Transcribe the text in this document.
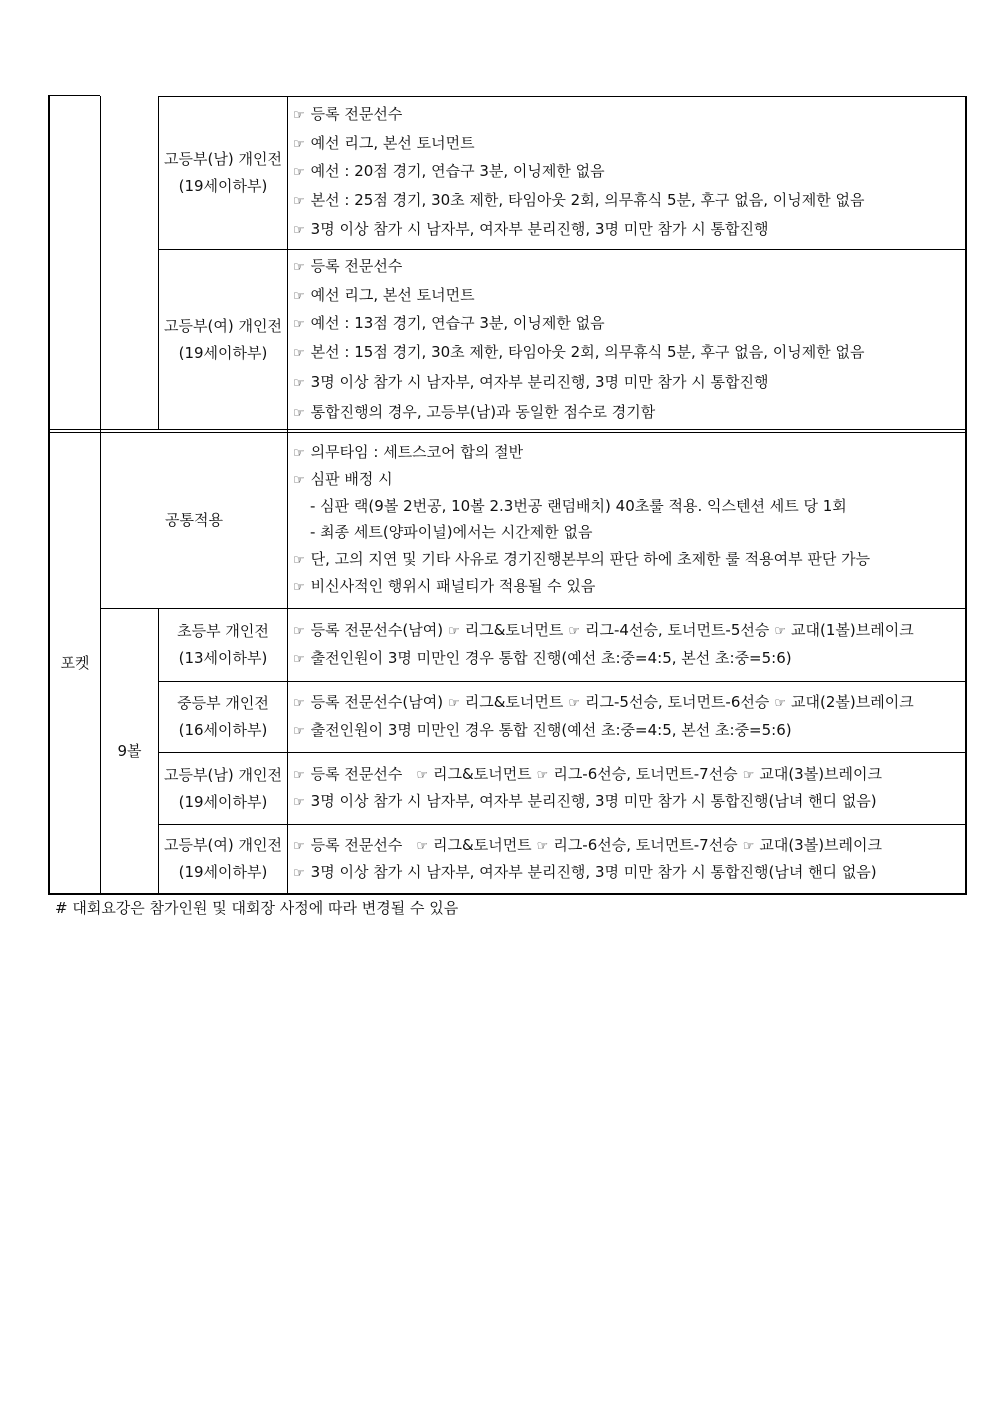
고등부(남) 개인전
(19세이하부)
☞ 등록 전문선수
☞ 예선 리그, 본선 토너먼트
☞ 예선 : 20점 경기, 연습구 3분, 이닝제한 없음
☞ 본선 : 25점 경기, 30초 제한, 타임아웃 2회, 의무휴식 5분, 후구 없음, 이닝제한 없음
☞ 3명 이상 참가 시 남자부, 여자부 분리진행, 3명 미만 참가 시 통합진행
고등부(여) 개인전
(19세이하부)
☞ 등록 전문선수
☞ 예선 리그, 본선 토너먼트
☞ 예선 : 13점 경기, 연습구 3분, 이닝제한 없음
☞ 본선 : 15점 경기, 30초 제한, 타임아웃 2회, 의무휴식 5분, 후구 없음, 이닝제한 없음
☞ 3명 이상 참가 시 남자부, 여자부 분리진행, 3명 미만 참가 시 통합진행
☞ 통합진행의 경우, 고등부(남)과 동일한 점수로 경기함
포켓
공통적용
☞ 의무타임 : 세트스코어 합의 절반
☞ 심판 배정 시
- 심판 랙(9볼 2번공, 10볼 2.3번공 랜덤배치) 40초룰 적용. 익스텐션 세트 당 1회
- 최종 세트(양파이널)에서는 시간제한 없음
☞ 단, 고의 지연 및 기타 사유로 경기진행본부의 판단 하에 초제한 룰 적용여부 판단 가능
☞ 비신사적인 행위시 패널티가 적용될 수 있음
9볼
초등부 개인전
(13세이하부)
☞ 등록 전문선수(남여) ☞ 리그&토너먼트 ☞ 리그-4선승, 토너먼트-5선승 ☞ 교대(1볼)브레이크
☞ 출전인원이 3명 미만인 경우 통합 진행(예선 초:중=4:5, 본선 초:중=5:6)
중등부 개인전
(16세이하부)
☞ 등록 전문선수(남여) ☞ 리그&토너먼트 ☞ 리그-5선승, 토너먼트-6선승 ☞ 교대(2볼)브레이크
☞ 출전인원이 3명 미만인 경우 통합 진행(예선 초:중=4:5, 본선 초:중=5:6)
고등부(남) 개인전
(19세이하부)
☞ 등록 전문선수 ☞ 리그&토너먼트 ☞ 리그-6선승, 토너먼트-7선승 ☞ 교대(3볼)브레이크
☞ 3명 이상 참가 시 남자부, 여자부 분리진행, 3명 미만 참가 시 통합진행(남녀 핸디 없음)
고등부(여) 개인전
(19세이하부)
☞ 등록 전문선수 ☞ 리그&토너먼트 ☞ 리그-6선승, 토너먼트-7선승 ☞ 교대(3볼)브레이크
☞ 3명 이상 참가 시 남자부, 여자부 분리진행, 3명 미만 참가 시 통합진행(남녀 핸디 없음)
# 대회요강은 참가인원 및 대회장 사정에 따라 변경될 수 있음
